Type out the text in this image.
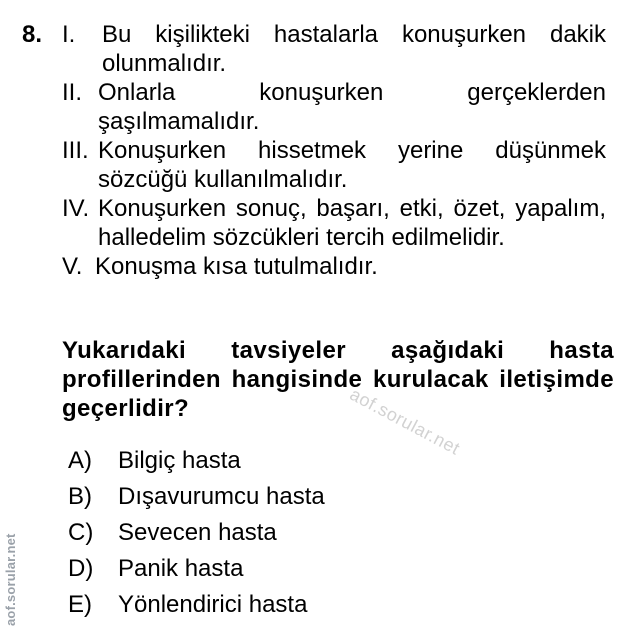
8. I.	Bu kişilikteki hastalarla konuşurken dakik olunmalıdır.
II. Onlarla konuşurken gerçeklerden şaşılmamalıdır.
III. Konuşurken hissetmek yerine düşünmek sözcüğü kullanılmalıdır.
IV. Konuşurken sonuç, başarı, etki, özet, yapalım, halledelim sözcükleri tercih edilmelidir.
V. Konuşma kısa tutulmalıdır.
Yukarıdaki tavsiyeler aşağıdaki hasta profillerinden hangisinde kurulacak iletişimde geçerlidir?
A)	Bilgiç hasta
B)	Dışavurumcu hasta
C)	Sevecen hasta
D)	Panik hasta
E)	Yönlendirici hasta
aof.sorular.net
aof.sorular.net
